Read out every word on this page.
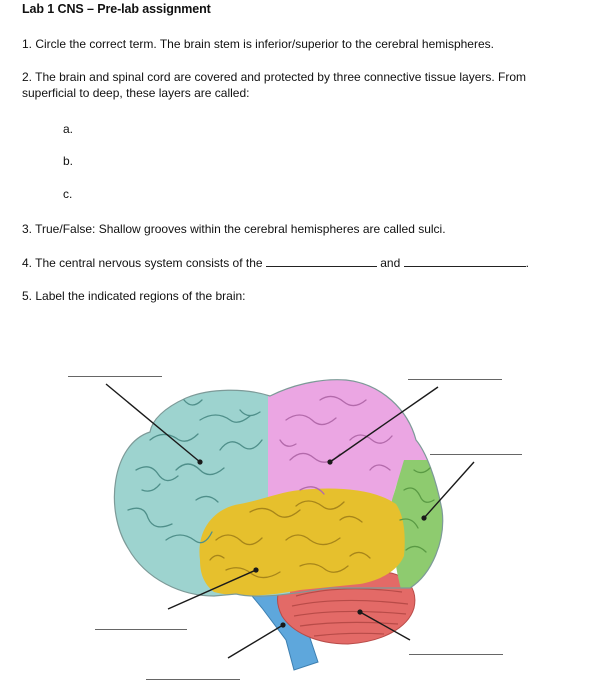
Lab 1 CNS – Pre-lab assignment
1. Circle the correct term. The brain stem is inferior/superior to the cerebral hemispheres.
2. The brain and spinal cord are covered and protected by three connective tissue layers. From superficial to deep, these layers are called:
a.
b.
c.
3. True/False: Shallow grooves within the cerebral hemispheres are called sulci.
4. The central nervous system consists of the	and	.
5. Label the indicated regions of the brain:
